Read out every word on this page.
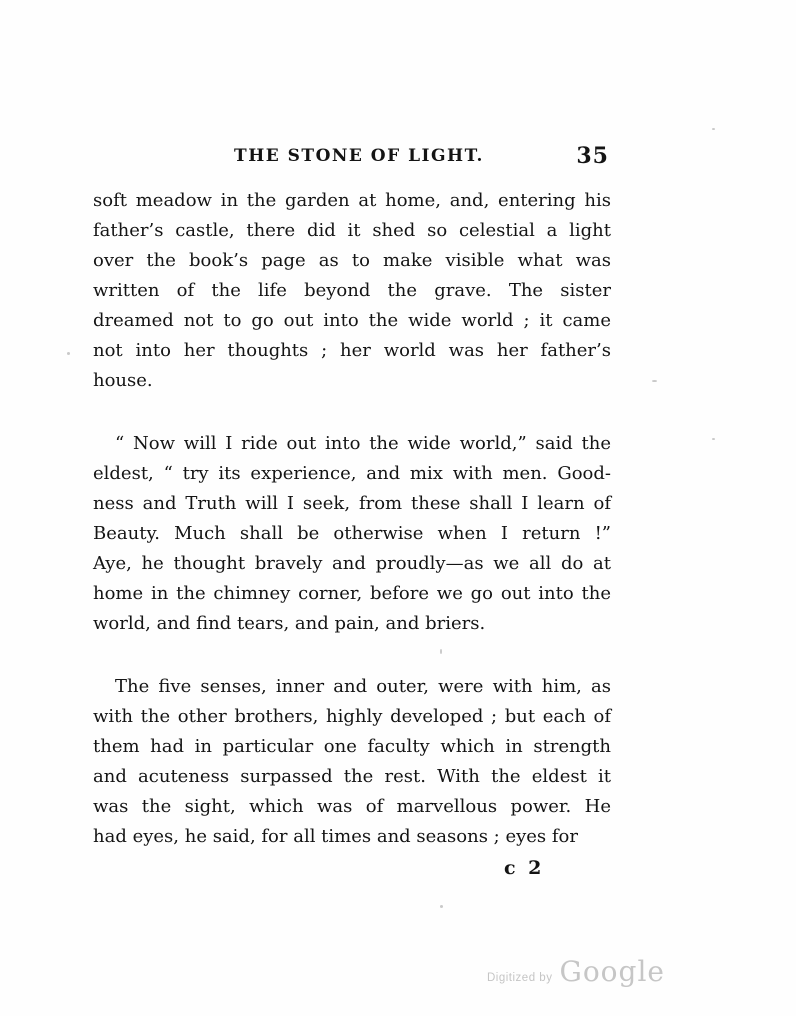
THE STONE OF LIGHT.	35
soft meadow in the garden at home, and, entering his
father’s castle, there did it shed so celestial a light
over the book’s page as to make visible what was
written of the life beyond the grave. The sister
dreamed not to go out into the wide world ; it came
not into her thoughts ; her world was her father’s
house.
“ Now will I ride out into the wide world,” said the
eldest, “ try its experience, and mix with men. Good-
ness and Truth will I seek, from these shall I learn of
Beauty. Much shall be otherwise when I return !”
Aye, he thought bravely and proudly—as we all do at
home in the chimney corner, before we go out into the
world, and find tears, and pain, and briers.
The five senses, inner and outer, were with him, as
with the other brothers, highly developed ; but each of
them had in particular one faculty which in strength
and acuteness surpassed the rest. With the eldest it
was the sight, which was of marvellous power. He
had eyes, he said, for all times and seasons ; eyes for
c 2
Digitized by Google
